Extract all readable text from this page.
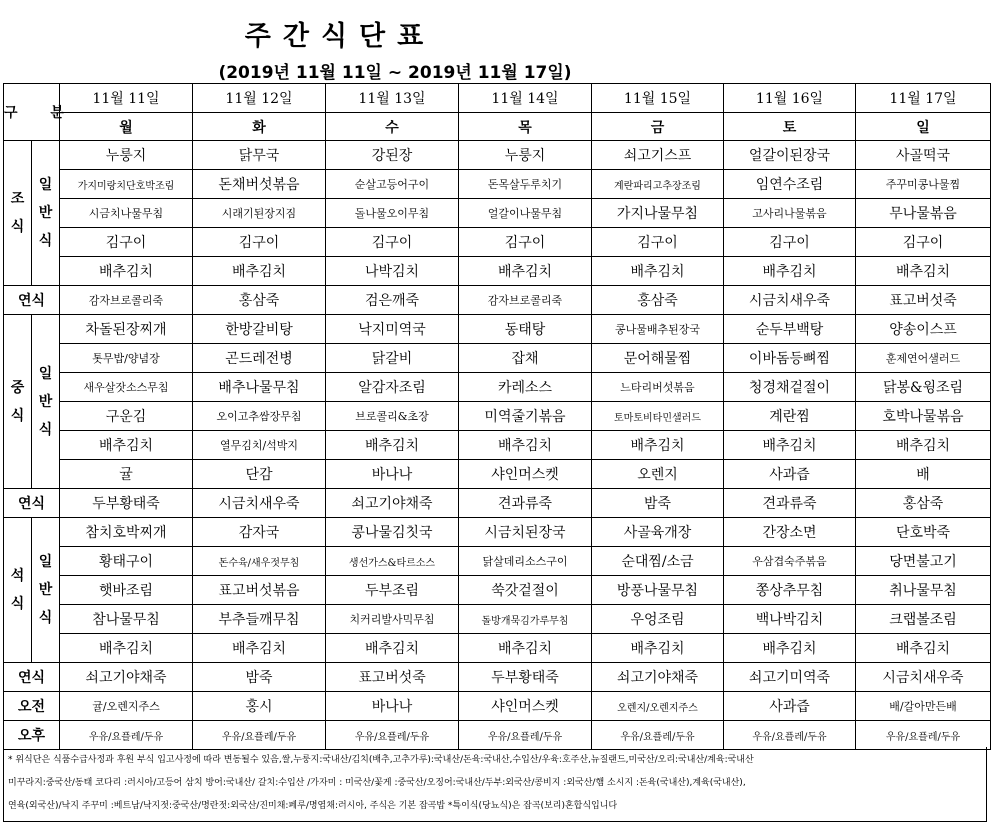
주간식단표
(2019년 11월 11일 ~ 2019년 11월 17일)
구 분		11월 11일	11월 12일	11월 13일	11월 14일	11월 15일	11월 16일	11월 17일
		월	화	수	목	금	토	일
조식	일반식	누룽지	닭무국	강된장	누룽지	쇠고기스프	얼갈이된장국	사골떡국
		가지미랑치단호박조림	돈채버섯볶음	순살고등어구이	돈목살두루치기	계란파리고추장조림	임연수조림	주꾸미콩나물찜
		시금치나물무침	시래기된장지짐	돌나물오이무침	얼갈이나물무침	가지나물무침	고사리나물볶음	무나물볶음
		김구이	김구이	김구이	김구이	김구이	김구이	김구이
		배추김치	배추김치	나박김치	배추김치	배추김치	배추김치	배추김치
연식		감자브로콜리죽	홍삼죽	검은깨죽	감자브로콜리죽	홍삼죽	시금치새우죽	표고버섯죽
중식	일반식	차돌된장찌개	한방갈비탕	낙지미역국	동태탕	콩나물배추된장국	순두부백탕	양송이스프
		톳무밥/양념장	곤드레전병	닭갈비	잡채	문어해물찜	이바돔등뼈찜	훈제연어샐러드
		새우살잣소스무침	배추나물무침	알감자조림	카레소스	느타리버섯볶음	청경채겉절이	닭봉&윙조림
		구운김	오이고추쌈장무침	브로콜리&초장	미역줄기볶음	토마토비타민샐러드	계란찜	호박나물볶음
		배추김치	열무김치/석박지	배추김치	배추김치	배추김치	배추김치	배추김치
		귤	단감	바나나	샤인머스켓	오렌지	사과즙	배
연식		두부황태죽	시금치새우죽	쇠고기야채죽	견과류죽	밤죽	견과류죽	홍삼죽
석식	일반식	참치호박찌개	감자국	콩나물김칫국	시금치된장국	사골육개장	간장소면	단호박죽
		황태구이	돈수육/새우젓무침	생선가스&타르소스	닭살데리소스구이	순대찜/소금	우삼겹숙주볶음	당면불고기
		햇바조림	표고버섯볶음	두부조림	쑥갓겉절이	방풍나물무침	쫑상추무침	취나물무침
		참나물무침	부추들깨무침	치커리발사믹무침	돌방개묵김가루무침	우엉조림	백나박김치	크랩볼조림
		배추김치	배추김치	배추김치	배추김치	배추김치	배추김치	배추김치
연식		쇠고기야채죽	밤죽	표고버섯죽	두부황태죽	쇠고기야채죽	쇠고기미역죽	시금치새우죽
오전		귤/오렌지주스	홍시	바나나	샤인머스켓	오렌지/오렌지주스	사과즙	배/갈아만든배
오후		우유/요플레/두유	우유/요플레/두유	우유/요플레/두유	우유/요플레/두유	우유/요플레/두유	우유/요플레/두유	우유/요플레/두유
* 위식단은 식품수급사정과 후원 부식 입고사정에 따라 변동될수 있음,쌀,누룽지:국내산/김치(배추,고추가루):국내산/돈육:국내산,수입산/우육:호주산,뉴질랜드,미국산/오리:국내산/계육:국내산
미꾸라지:중국산/동태 코다리 :러시아/고등어 삼치 방어:국내산/ 갈치:수입산 /가자미 : 미국산/꽃게 :중국산/오징어:국내산/두부:외국산/콩비지 :외국산/햄 소시지 :돈육(국내산),계육(국내산),
연육(외국산)/낙지 주꾸미 :베트남/낙지젓:중국산/명란젓:외국산/진미채:페루/명엽채:러시아, 주식은 기본 잡곡밥 *특이식(당뇨식)은 잡곡(보리)혼합식입니다
